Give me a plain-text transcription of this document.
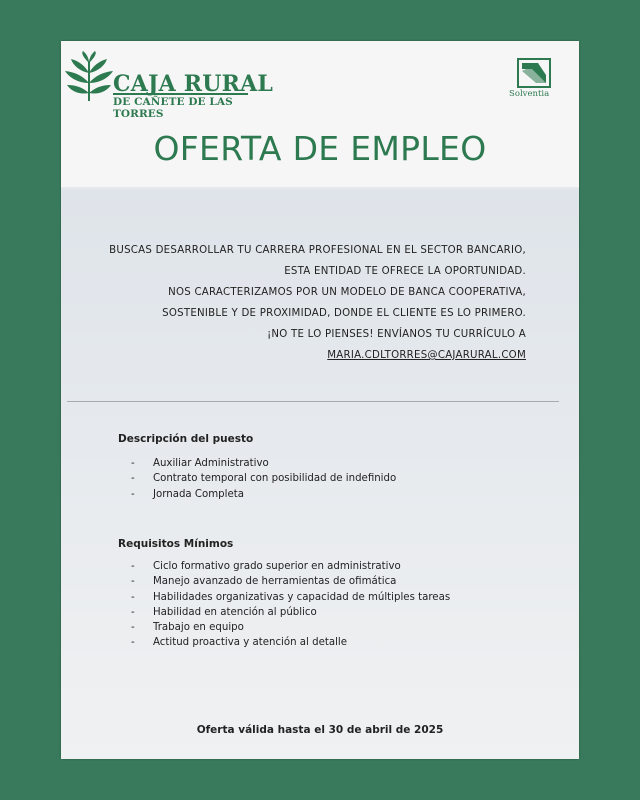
CAJA RURAL
DE CAÑETE DE LAS TORRES
Solventia
OFERTA DE EMPLEO
BUSCAS DESARROLLAR TU CARRERA PROFESIONAL EN EL SECTOR BANCARIO,
ESTA ENTIDAD TE OFRECE LA OPORTUNIDAD.
NOS CARACTERIZAMOS POR UN MODELO DE BANCA COOPERATIVA,
SOSTENIBLE Y DE PROXIMIDAD, DONDE EL CLIENTE ES LO PRIMERO.
¡NO TE LO PIENSES! ENVÍANOS TU CURRÍCULO A
MARIA.CDLTORRES@CAJARURAL.COM
Descripción del puesto
- Auxiliar Administrativo
- Contrato temporal con posibilidad de indefinido
- Jornada Completa
Requisitos Mínimos
- Ciclo formativo grado superior en administrativo
- Manejo avanzado de herramientas de ofimática
- Habilidades organizativas y capacidad de múltiples tareas
- Habilidad en atención al público
- Trabajo en equipo
- Actitud proactiva y atención al detalle
Oferta válida hasta el 30 de abril de 2025
